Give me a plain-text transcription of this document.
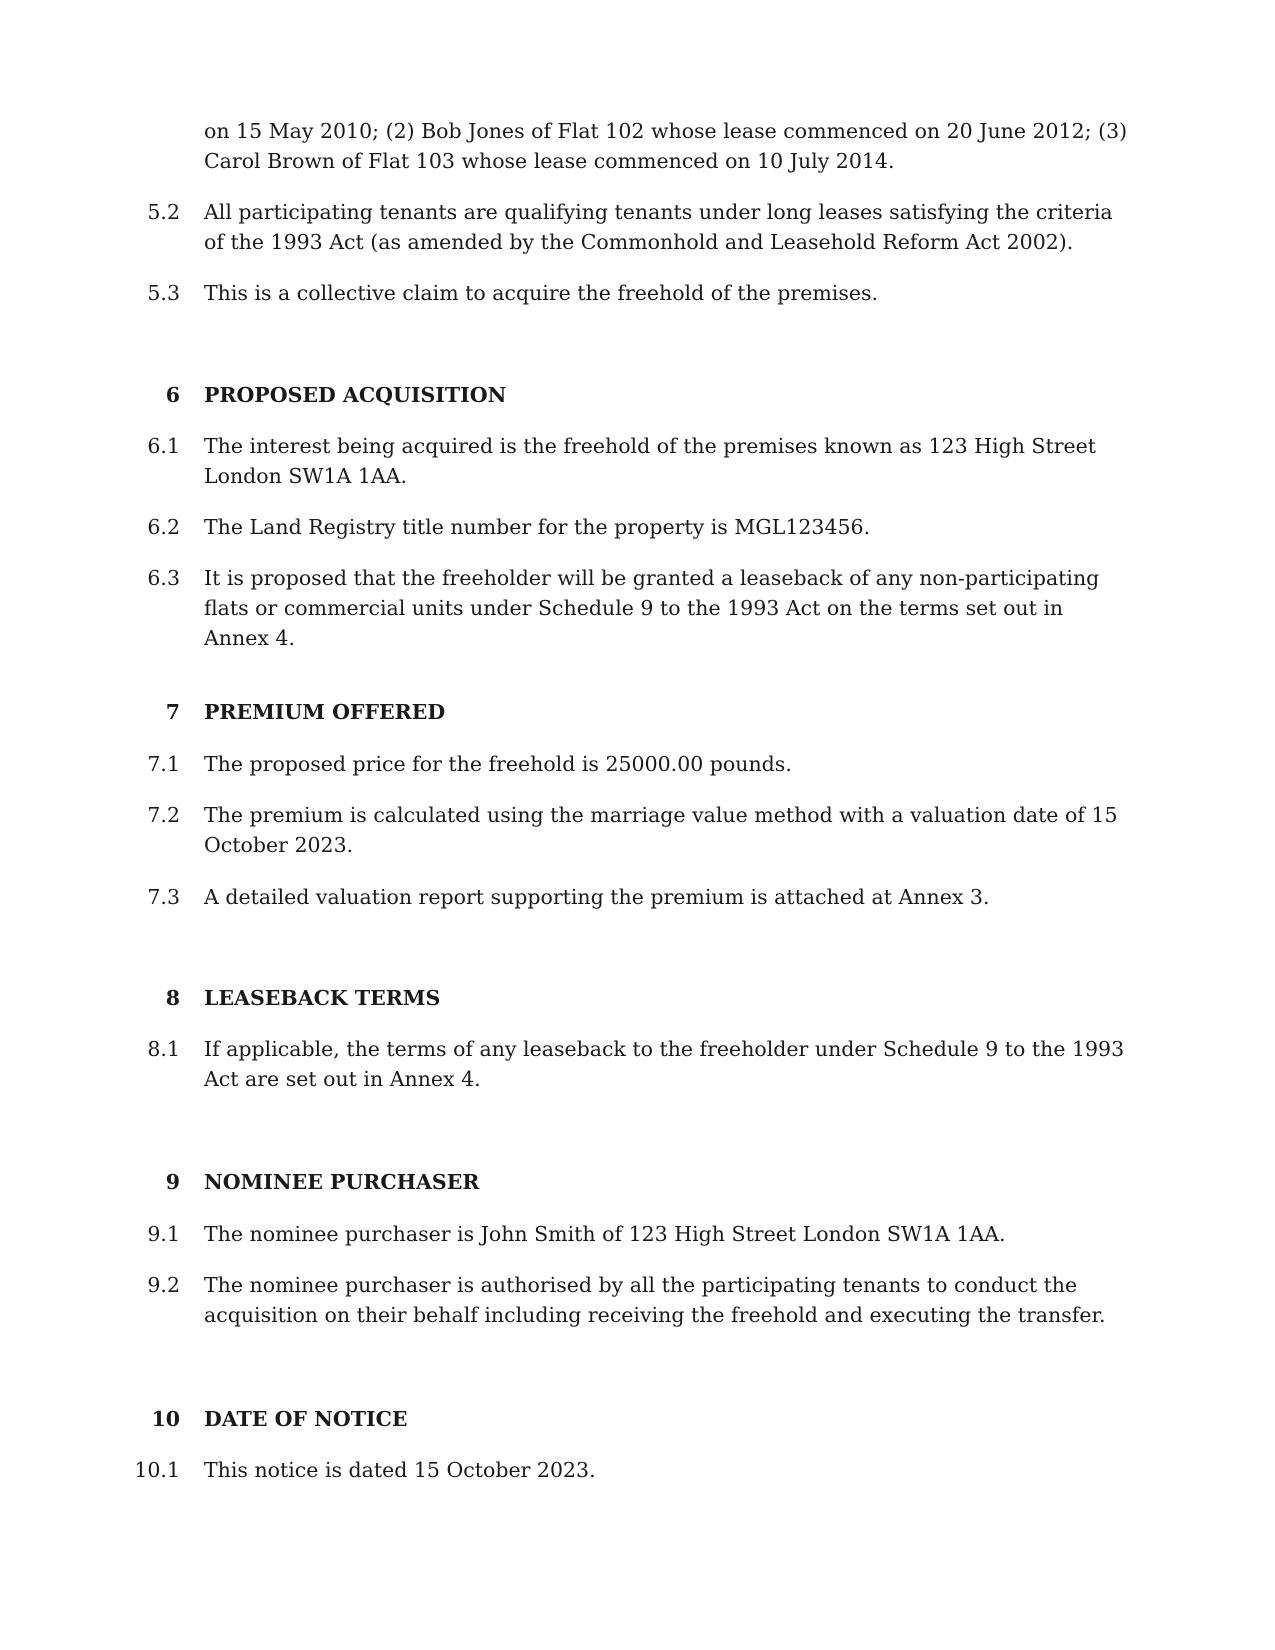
on 15 May 2010; (2) Bob Jones of Flat 102 whose lease commenced on 20 June 2012; (3) Carol Brown of Flat 103 whose lease commenced on 10 July 2014.
5.2 All participating tenants are qualifying tenants under long leases satisfying the criteria of the 1993 Act (as amended by the Commonhold and Leasehold Reform Act 2002).
5.3 This is a collective claim to acquire the freehold of the premises.
6 PROPOSED ACQUISITION
6.1 The interest being acquired is the freehold of the premises known as 123 High Street London SW1A 1AA.
6.2 The Land Registry title number for the property is MGL123456.
6.3 It is proposed that the freeholder will be granted a leaseback of any non-participating flats or commercial units under Schedule 9 to the 1993 Act on the terms set out in Annex 4.
7 PREMIUM OFFERED
7.1 The proposed price for the freehold is 25000.00 pounds.
7.2 The premium is calculated using the marriage value method with a valuation date of 15 October 2023.
7.3 A detailed valuation report supporting the premium is attached at Annex 3.
8 LEASEBACK TERMS
8.1 If applicable, the terms of any leaseback to the freeholder under Schedule 9 to the 1993 Act are set out in Annex 4.
9 NOMINEE PURCHASER
9.1 The nominee purchaser is John Smith of 123 High Street London SW1A 1AA.
9.2 The nominee purchaser is authorised by all the participating tenants to conduct the acquisition on their behalf including receiving the freehold and executing the transfer.
10 DATE OF NOTICE
10.1 This notice is dated 15 October 2023.
